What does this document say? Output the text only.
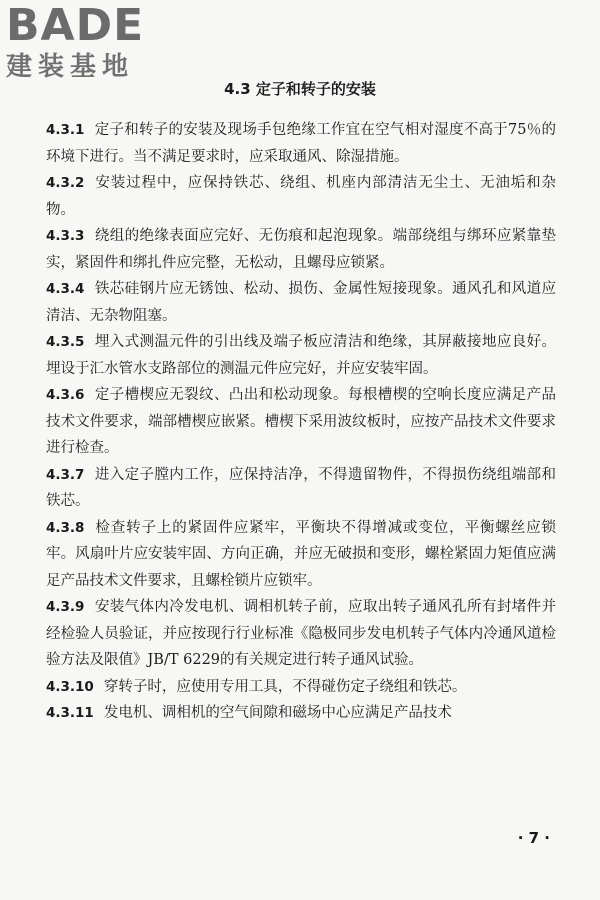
BADE
建装基地
4.3 定子和转子的安装

4.3.1 定子和转子的安装及现场手包绝缘工作宜在空气相对湿度不高于75％的环境下进行。当不满足要求时，应采取通风、除湿措施。

4.3.2 安装过程中，应保持铁芯、绕组、机座内部清洁无尘土、无油垢和杂物。

4.3.3 绕组的绝缘表面应完好、无伤痕和起泡现象。端部绕组与绑环应紧靠垫实，紧固件和绑扎件应完整，无松动，且螺母应锁紧。

4.3.4 铁芯硅钢片应无锈蚀、松动、损伤、金属性短接现象。通风孔和风道应清洁、无杂物阻塞。

4.3.5 埋入式测温元件的引出线及端子板应清洁和绝缘，其屏蔽接地应良好。埋设于汇水管水支路部位的测温元件应完好，并应安装牢固。

4.3.6 定子槽楔应无裂纹、凸出和松动现象。每根槽楔的空响长度应满足产品技术文件要求，端部槽楔应嵌紧。槽楔下采用波纹板时，应按产品技术文件要求进行检查。

4.3.7 进入定子膛内工作，应保持洁净，不得遗留物件，不得损伤绕组端部和铁芯。

4.3.8 检查转子上的紧固件应紧牢，平衡块不得增减或变位，平衡螺丝应锁牢。风扇叶片应安装牢固、方向正确，并应无破损和变形，螺栓紧固力矩值应满足产品技术文件要求，且螺栓锁片应锁牢。

4.3.9 安装气体内冷发电机、调相机转子前，应取出转子通风孔所有封堵件并经检验人员验证，并应按现行行业标准《隐极同步发电机转子气体内冷通风道检验方法及限值》JB/T 6229的有关规定进行转子通风试验。

4.3.10 穿转子时，应使用专用工具，不得碰伤定子绕组和铁芯。

4.3.11 发电机、调相机的空气间隙和磁场中心应满足产品技术

· 7 ·
